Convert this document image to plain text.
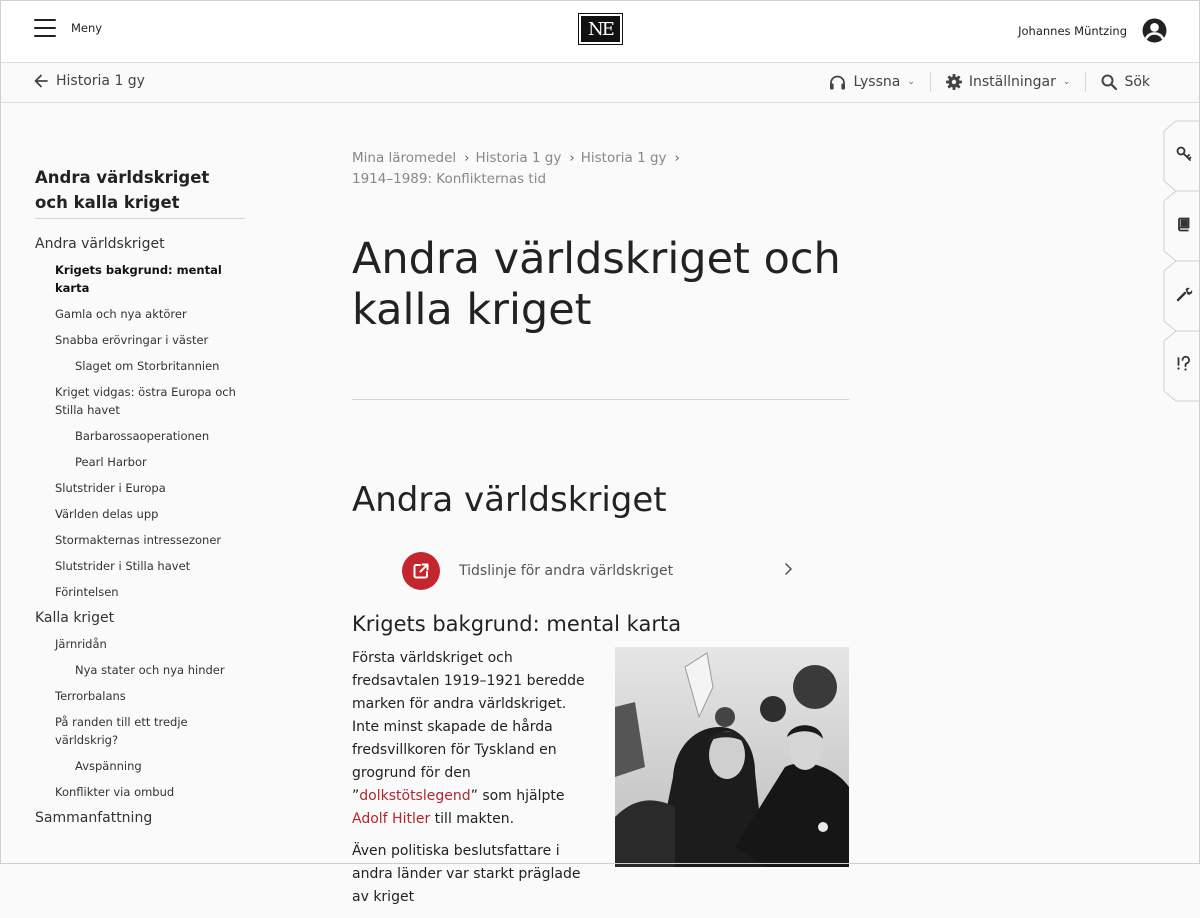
Meny	NE	Johannes Müntzing
Historia 1 gy	Lyssna ⌄	Inställningar ⌄	Sök
Andra världskriget och kalla kriget
Andra världskriget
Krigets bakgrund: mental karta
Gamla och nya aktörer
Snabba erövringar i väster
Slaget om Storbritannien
Kriget vidgas: östra Europa och Stilla havet
Barbarossaoperationen
Pearl Harbor
Slutstrider i Europa
Världen delas upp
Stormakternas intressezoner
Slutstrider i Stilla havet
Förintelsen
Kalla kriget
Järnridån
Nya stater och nya hinder
Terrorbalans
På randen till ett tredje världskrig?
Avspänning
Konflikter via ombud
Sammanfattning
Mina läromedel › Historia 1 gy › Historia 1 gy ›
1914–1989: Konflikternas tid
Andra världskriget och kalla kriget
Andra världskriget
Tidslinje för andra världskriget
Krigets bakgrund: mental karta

Första världskriget och fredsavtalen 1919–1921 beredde marken för andra världskriget. Inte minst skapade de hårda fredsvillkoren för Tyskland en grogrund för den ”dolkstötslegend” som hjälpte Adolf Hitler till makten.

Även politiska beslutsfattare i andra länder var starkt präglade av kriget
